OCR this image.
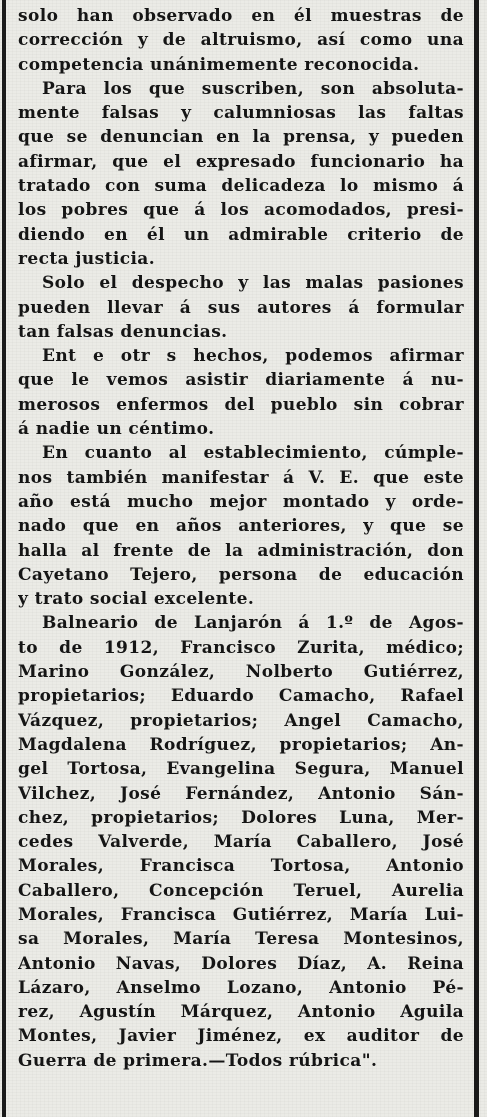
solo han observado en él muestras de
corrección y de altruismo, así como una
competencia unánimemente reconocida.
Para los que suscriben, son absoluta-
mente falsas y calumniosas las faltas
que se denuncian en la prensa, y pueden
afirmar, que el expresado funcionario ha
tratado con suma delicadeza lo mismo á
los pobres que á los acomodados, presi-
diendo en él un admirable criterio de
recta justicia.
Solo el despecho y las malas pasiones
pueden llevar á sus autores á formular
tan falsas denuncias.
Ent e otr s hechos, podemos afirmar
que le vemos asistir diariamente á nu-
merosos enfermos del pueblo sin cobrar
á nadie un céntimo.
En cuanto al establecimiento, cúmple-
nos también manifestar á V. E. que este
año está mucho mejor montado y orde-
nado que en años anteriores, y que se
halla al frente de la administración, don
Cayetano Tejero, persona de educación
y trato social excelente.
Balneario de Lanjarón á 1.º de Agos-
to de 1912, Francisco Zurita, médico;
Marino González, Nolberto Gutiérrez,
propietarios; Eduardo Camacho, Rafael
Vázquez, propietarios; Angel Camacho,
Magdalena Rodríguez, propietarios; An-
gel Tortosa, Evangelina Segura, Manuel
Vilchez, José Fernández, Antonio Sán-
chez, propietarios; Dolores Luna, Mer-
cedes Valverde, María Caballero, José
Morales, Francisca Tortosa, Antonio
Caballero, Concepción Teruel, Aurelia
Morales, Francisca Gutiérrez, María Lui-
sa Morales, María Teresa Montesinos,
Antonio Navas, Dolores Díaz, A. Reina
Lázaro, Anselmo Lozano, Antonio Pé-
rez, Agustín Márquez, Antonio Aguila
Montes, Javier Jiménez, ex auditor de
Guerra de primera.—Todos rúbrica".
